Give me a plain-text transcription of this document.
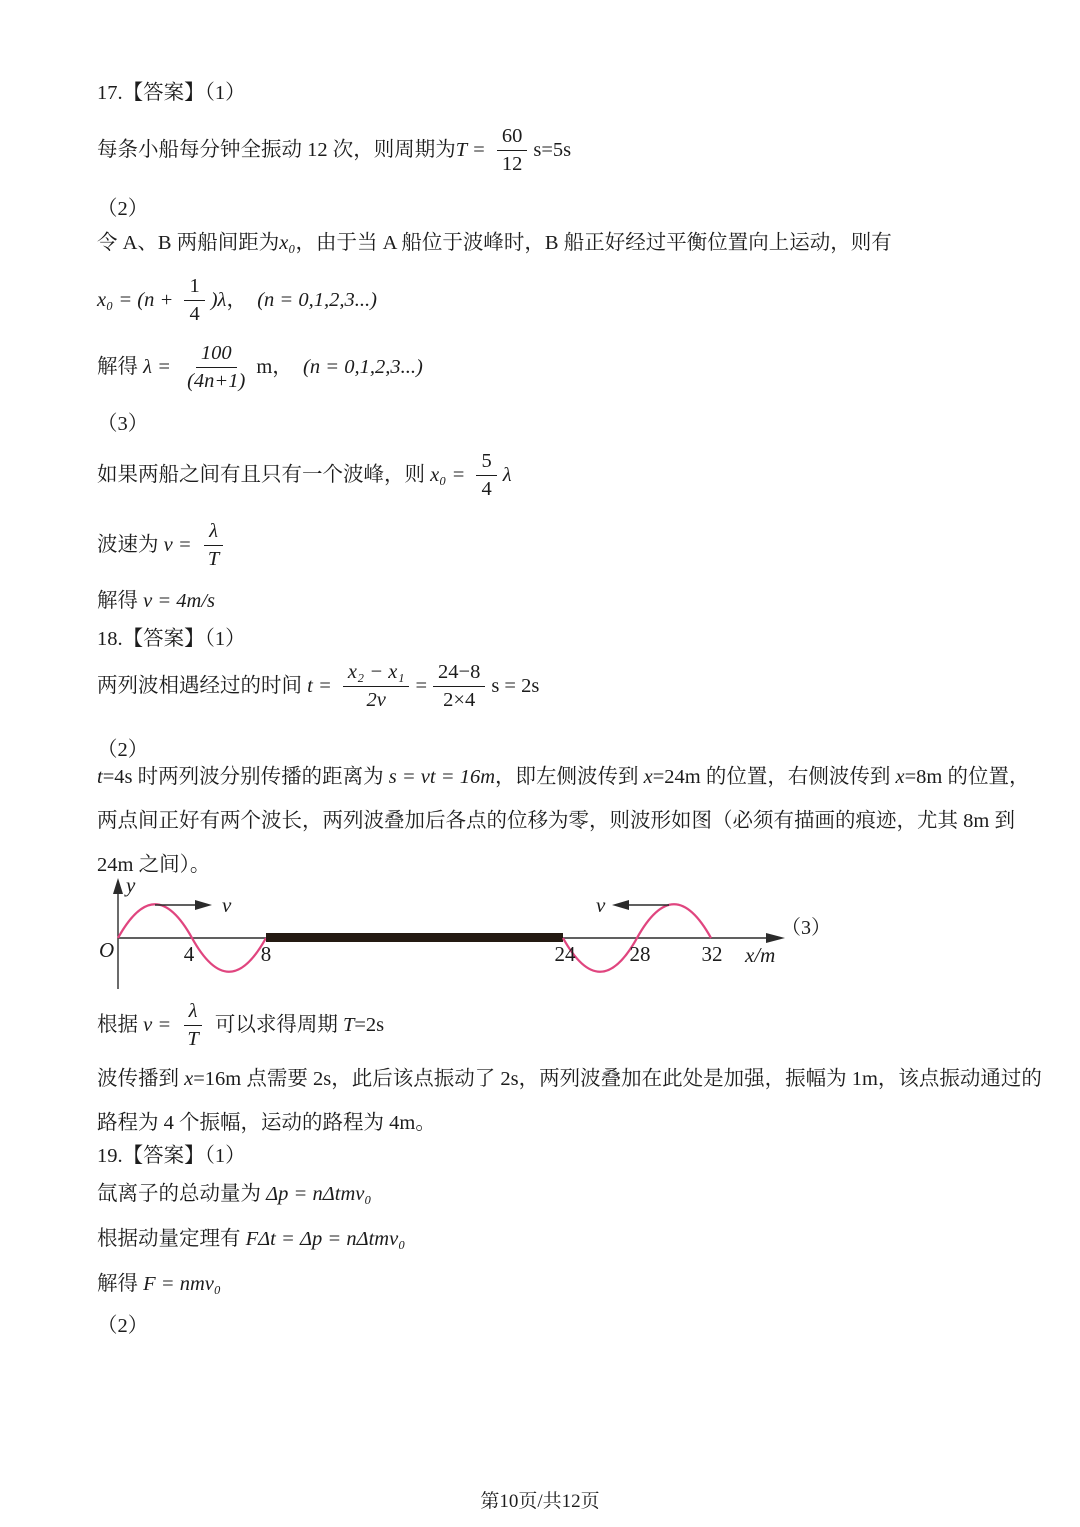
17.【答案】（1）
每条小船每分钟全振动 12 次，则周期为 $T = \frac{60}{12} s=5s$
（2）
令 A、B 两船间距为 x₀ ，由于当 A 船位于波峰时，B 船正好经过平衡位置向上运动，则有
$x_0 = (n + \frac{1}{4} )\lambda$ ， (n = 0,1,2,3...)
解得 $\lambda = \frac{100}{(4n+1)}$ m ， (n = 0,1,2,3...)
（3）
如果两船之间有且只有一个波峰，则 $x_0 = \frac{5}{4}$ λ
波速为 $v = \frac{\lambda}{T}$
解得 v = 4m/s
18.【答案】（1）
两列波相遇经过的时间 $t = \frac{\text{x₂ − x₁}}{2v} = \frac{24-8}{2\times 4}$ s = 2s
（2）
t =4s 时两列波分别传播的距离为 s = vt = 16m ，即左侧波传到 x =24m 的位置，右侧波传到 x =8m 的位置，
两点间正好有两个波长，两列波叠加后各点的位移为零，则波形如图（必须有描画的痕迹，尤其 8m 到
24m 之间）。
y
O
v	v
4	8	24	28 32 x/m
（3）
根据 $v = \frac{\lambda}{T}$ 可以求得周期 T =2s
波传播到 x =16m 点需要 2s，此后该点振动了 2s，两列波叠加在此处是加强，振幅为 1m，该点振动通过的
路程为 4 个振幅，运动的路程为 4m。
19.【答案】（1）
氙离子的总动量为 Δp = nΔtmv₀
根据动量定理有 FΔt = Δp = nΔtmv₀
解得 F = nmv₀
（2）
第10页/共12页
